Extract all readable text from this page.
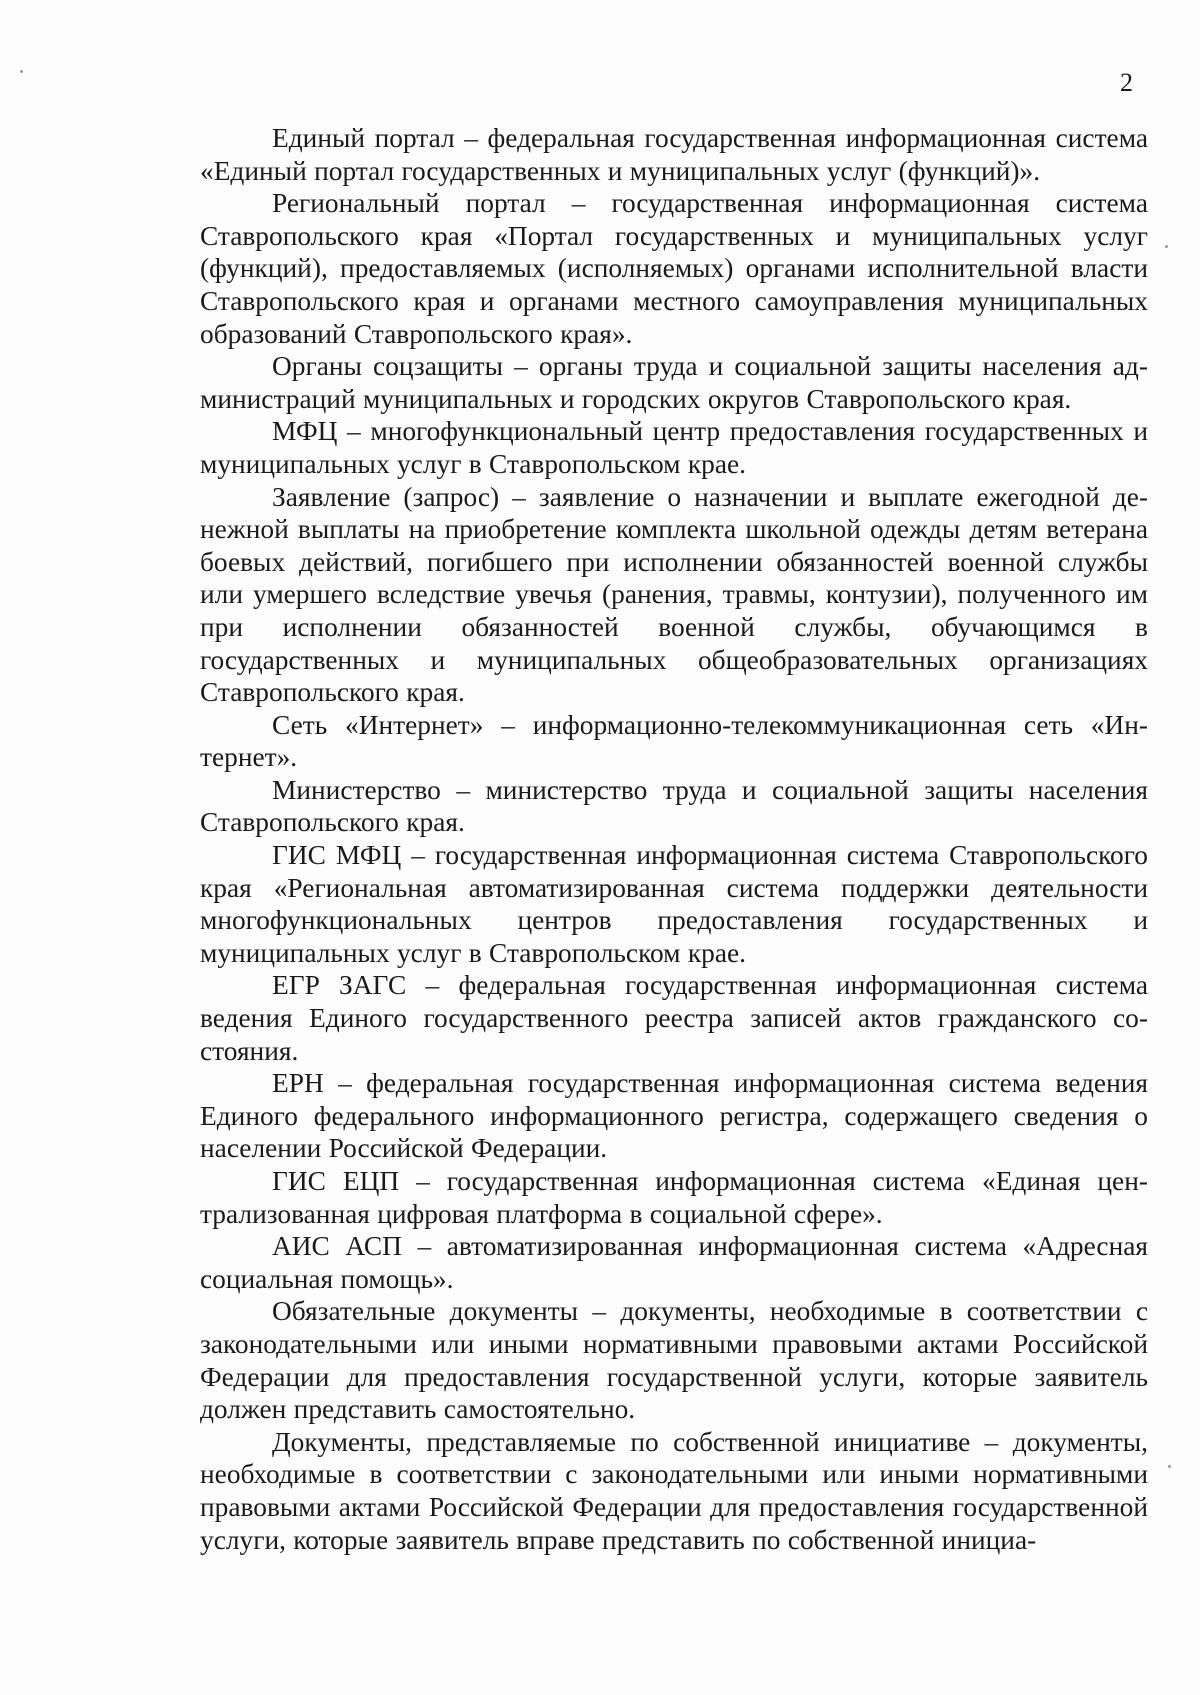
2

Единый портал – федеральная государственная информационная система «Единый портал государственных и муниципальных услуг (функций)».

Региональный портал – государственная информационная система Ставропольского края «Портал государственных и муниципальных услуг (функций), предоставляемых (исполняемых) органами исполнительной власти Ставропольского края и органами местного самоуправления муниципальных образований Ставропольского края».

Органы соцзащиты – органы труда и социальной защиты населения администраций муниципальных и городских округов Ставропольского края.

МФЦ – многофункциональный центр предоставления государственных и муниципальных услуг в Ставропольском крае.

Заявление (запрос) – заявление о назначении и выплате ежегодной денежной выплаты на приобретение комплекта школьной одежды детям ветерана боевых действий, погибшего при исполнении обязанностей военной службы или умершего вследствие увечья (ранения, травмы, контузии), полученного им при исполнении обязанностей военной службы, обучающимся в государственных и муниципальных общеобразовательных организациях Ставропольского края.

Сеть «Интернет» – информационно-телекоммуникационная сеть «Интернет».

Министерство – министерство труда и социальной защиты населения Ставропольского края.

ГИС МФЦ – государственная информационная система Ставропольского края «Региональная автоматизированная система поддержки деятельности многофункциональных центров предоставления государственных и муниципальных услуг в Ставропольском крае.

ЕГР ЗАГС – федеральная государственная информационная система ведения Единого государственного реестра записей актов гражданского состояния.

ЕРН – федеральная государственная информационная система ведения Единого федерального информационного регистра, содержащего сведения о населении Российской Федерации.

ГИС ЕЦП – государственная информационная система «Единая централизованная цифровая платформа в социальной сфере».

АИС АСП – автоматизированная информационная система «Адресная социальная помощь».

Обязательные документы – документы, необходимые в соответствии с законодательными или иными нормативными правовыми актами Российской Федерации для предоставления государственной услуги, которые заявитель должен представить самостоятельно.

Документы, представляемые по собственной инициативе – документы, необходимые в соответствии с законодательными или иными нормативными правовыми актами Российской Федерации для предоставления государственной услуги, которые заявитель вправе представить по собственной инициа-
